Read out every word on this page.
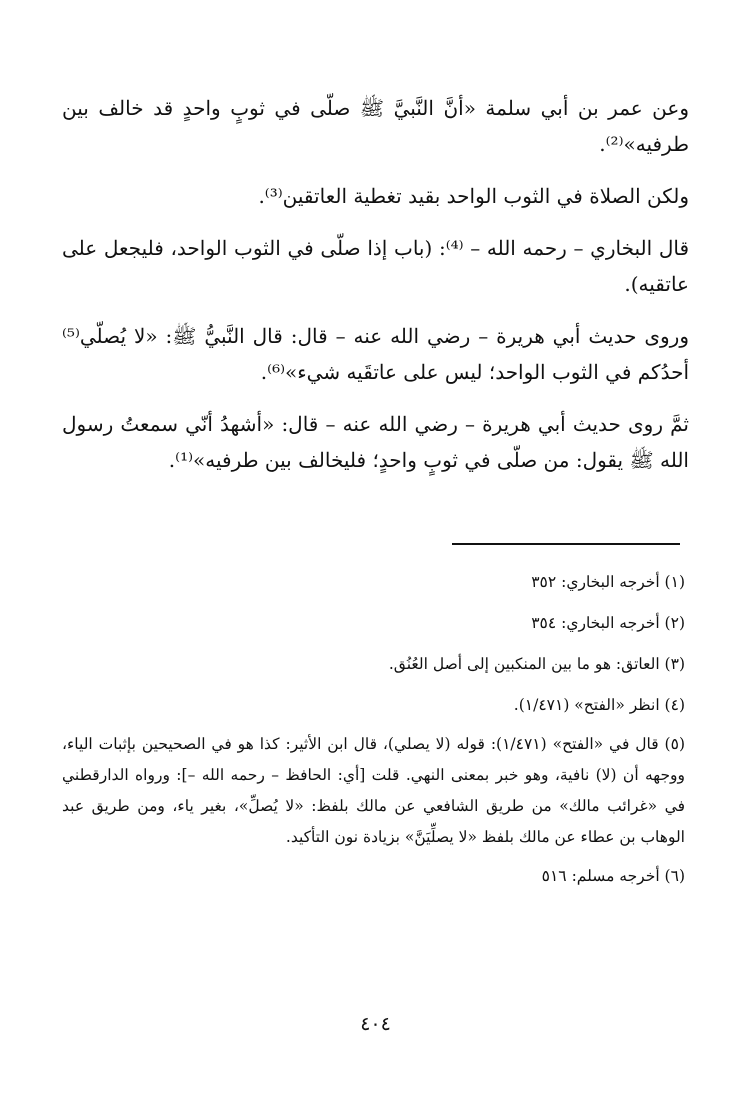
وعن عمر بن أبي سلمة «أنَّ النَّبيَّ ﷺ صلّى في ثوبٍ واحدٍ قد خالف بين طرفيه»⁽²⁾.

ولكن الصلاة في الثوب الواحد بقيد تغطية العاتقين⁽³⁾.

قال البخاري – رحمه الله – ⁽⁴⁾: (باب إذا صلّى في الثوب الواحد، فليجعل على عاتقيه).

وروى حديث أبي هريرة – رضي الله عنه – قال: قال النَّبيُّ ﷺ: «لا يُصلّي⁽⁵⁾ أحدُكم في الثوب الواحد؛ ليس على عاتقَيه شيء»⁽⁶⁾.

ثمَّ روى حديث أبي هريرة – رضي الله عنه – قال: «أشهدُ أنّي سمعتُ رسول الله ﷺ يقول: من صلّى في ثوبٍ واحدٍ؛ فليخالف بين طرفيه»⁽¹⁾.

(١) أخرجه البخاري: ٣٥٢

(٢) أخرجه البخاري: ٣٥٤

(٣) العاتق: هو ما بين المنكبين إلى أصل العُنُق.

(٤) انظر «الفتح» (١/٤٧١).

(٥) قال في «الفتح» (١/٤٧١): قوله (لا يصلي)، قال ابن الأثير: كذا هو في الصحيحين بإثبات الياء، ووجهه أن (لا) نافية، وهو خبر بمعنى النهي. قلت [أي: الحافظ – رحمه الله –]: ورواه الدارقطني في «غرائب مالك» من طريق الشافعي عن مالك بلفظ: «لا يُصلِّ»، بغير ياء، ومن طريق عبد الوهاب بن عطاء عن مالك بلفظ «لا يصلِّيَنَّ» بزيادة نون التأكيد.

(٦) أخرجه مسلم: ٥١٦

٤٠٤
